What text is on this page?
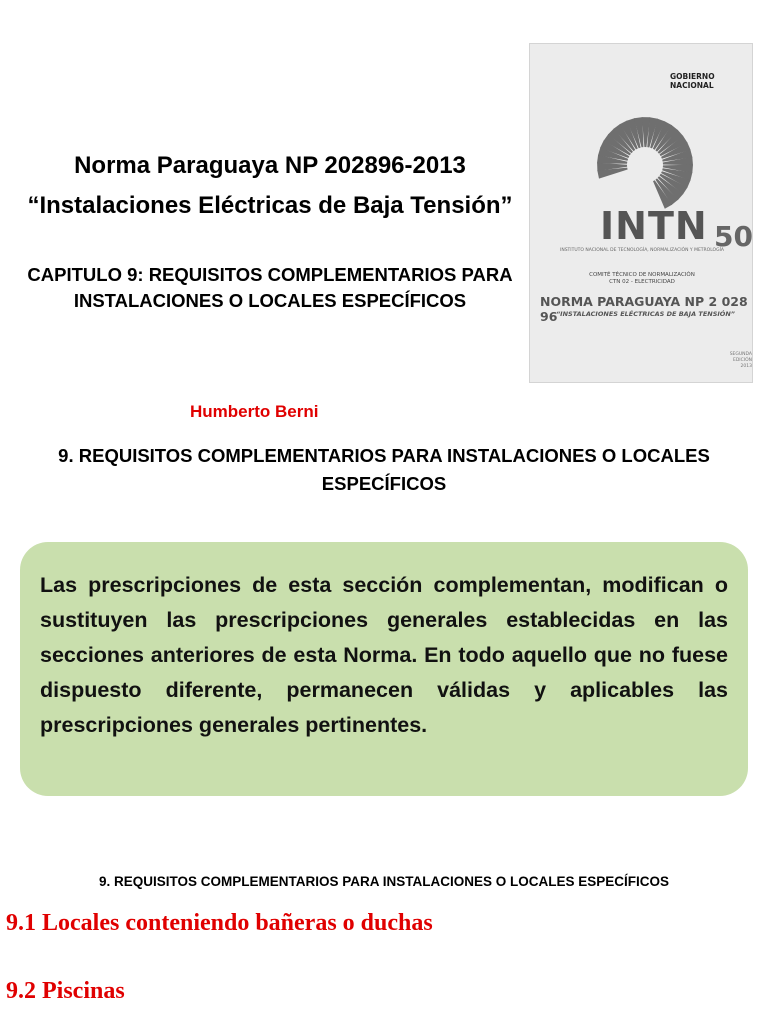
Norma Paraguaya NP 202896-2013
“Instalaciones Eléctricas de Baja Tensión”
CAPITULO 9: REQUISITOS COMPLEMENTARIOS PARA INSTALACIONES O LOCALES ESPECÍFICOS
GOBIERNO NACIONAL
INTN 50
INSTITUTO NACIONAL DE TECNOLOGÍA, NORMALIZACIÓN Y METROLOGÍA
COMITÉ TÉCNICO DE NORMALIZACIÓN
CTN 02 - ELECTRICIDAD
NORMA PARAGUAYA NP 2 028 96
“INSTALACIONES ELÉCTRICAS DE BAJA TENSIÓN”
SEGUNDA EDICIÓN
2013
Humberto Berni
9. REQUISITOS COMPLEMENTARIOS PARA INSTALACIONES O LOCALES ESPECÍFICOS
Las prescripciones de esta sección complementan, modifican o sustituyen las prescripciones generales establecidas en las secciones anteriores de esta Norma. En todo aquello que no fuese dispuesto diferente, permanecen válidas y aplicables las prescripciones generales pertinentes.
9. REQUISITOS COMPLEMENTARIOS PARA INSTALACIONES O LOCALES ESPECÍFICOS
9.1 Locales conteniendo bañeras o duchas
9.2 Piscinas
